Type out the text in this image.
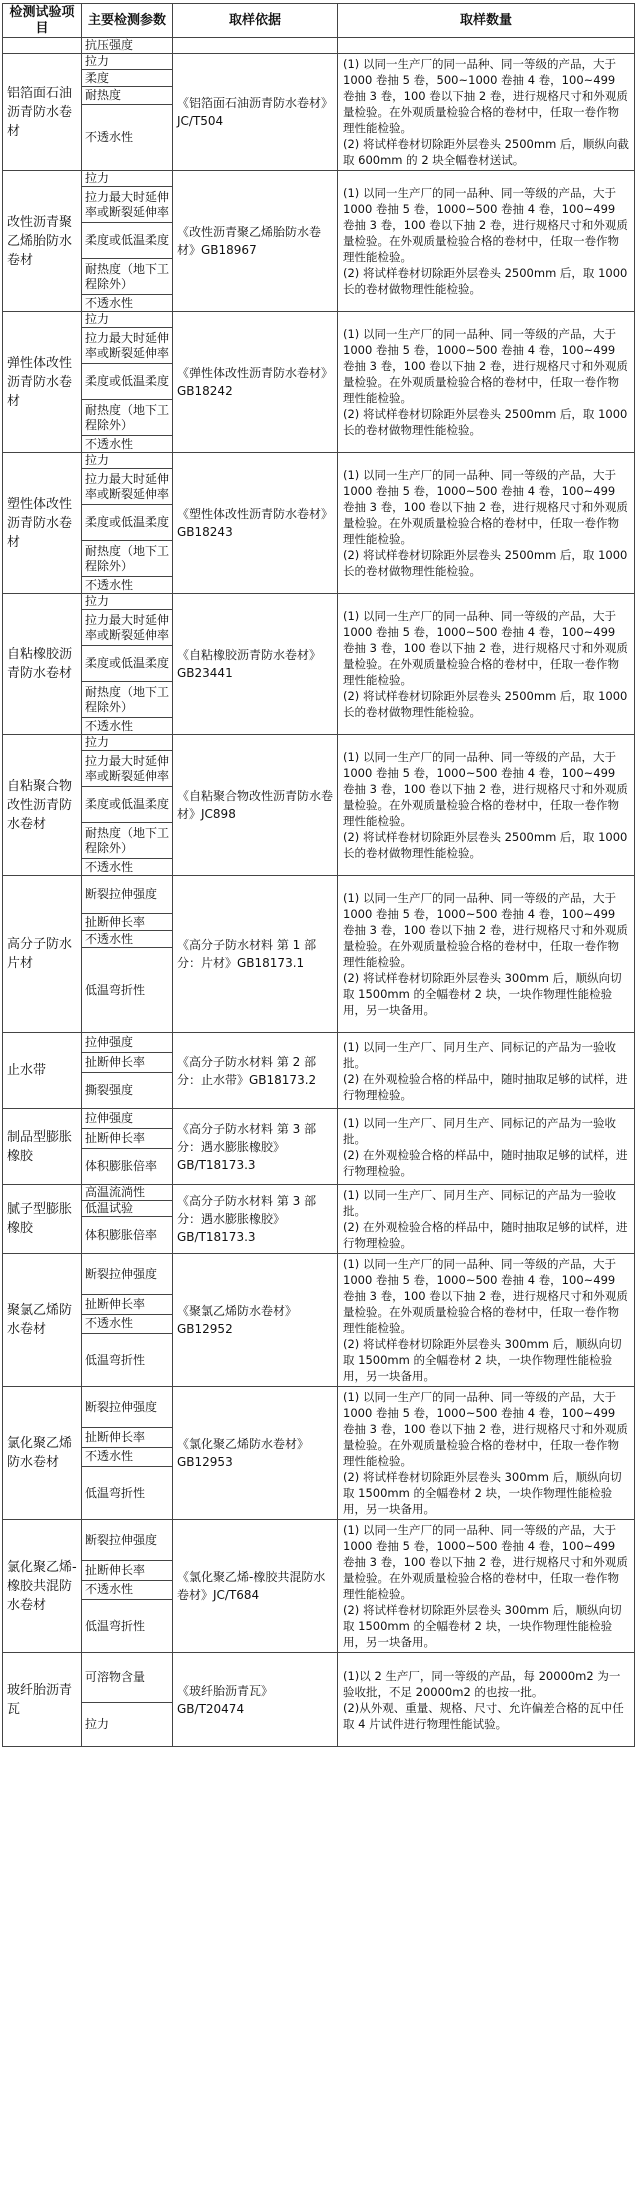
检测试验项目	主要检测参数	取样依据	取样数量
	抗压强度		
铝箔面石油沥青防水卷材	拉力	《铝箔面石油沥青防水卷材》JC/T504	(1) 以同一生产厂的同一品种、同一等级的产品，大于 1000 卷抽 5 卷，500~1000 卷抽 4 卷，100~499 卷抽 3 卷，100 卷以下抽 2 卷，进行规格尺寸和外观质量检验。在外观质量检验合格的卷材中，任取一卷作物理性能检验。

(2) 将试样卷材切除距外层卷头 2500mm 后，顺纵向截取 600mm 的 2 块全幅卷材送试。

	柔度		
	耐热度		
	不透水性		
改性沥青聚乙烯胎防水卷材	拉力	《改性沥青聚乙烯胎防水卷材》GB18967	(1) 以同一生产厂的同一品种、同一等级的产品，大于 1000 卷抽 5 卷，1000~500 卷抽 4 卷，100~499 卷抽 3 卷，100 卷以下抽 2 卷，进行规格尺寸和外观质量检验。在外观质量检验合格的卷材中，任取一卷作物理性能检验。

(2) 将试样卷材切除距外层卷头 2500mm 后，取 1000 长的卷材做物理性能检验。

	拉力最大时延伸率或断裂延伸率		
	柔度或低温柔度		
	耐热度（地下工程除外）		
	不透水性		
弹性体改性沥青防水卷材	拉力	《弹性体改性沥青防水卷材》GB18242	(1) 以同一生产厂的同一品种、同一等级的产品，大于 1000 卷抽 5 卷，1000~500 卷抽 4 卷，100~499 卷抽 3 卷，100 卷以下抽 2 卷，进行规格尺寸和外观质量检验。在外观质量检验合格的卷材中，任取一卷作物理性能检验。

(2) 将试样卷材切除距外层卷头 2500mm 后，取 1000 长的卷材做物理性能检验。

	拉力最大时延伸率或断裂延伸率		
	柔度或低温柔度		
	耐热度（地下工程除外）		
	不透水性		
塑性体改性沥青防水卷材	拉力	《塑性体改性沥青防水卷材》GB18243	(1) 以同一生产厂的同一品种、同一等级的产品，大于 1000 卷抽 5 卷，1000~500 卷抽 4 卷，100~499 卷抽 3 卷，100 卷以下抽 2 卷，进行规格尺寸和外观质量检验。在外观质量检验合格的卷材中，任取一卷作物理性能检验。

(2) 将试样卷材切除距外层卷头 2500mm 后，取 1000 长的卷材做物理性能检验。

	拉力最大时延伸率或断裂延伸率		
	柔度或低温柔度		
	耐热度（地下工程除外）		
	不透水性		
自粘橡胶沥青防水卷材	拉力	《自粘橡胶沥青防水卷材》GB23441	(1) 以同一生产厂的同一品种、同一等级的产品，大于 1000 卷抽 5 卷，1000~500 卷抽 4 卷，100~499 卷抽 3 卷，100 卷以下抽 2 卷，进行规格尺寸和外观质量检验。在外观质量检验合格的卷材中，任取一卷作物理性能检验。

(2) 将试样卷材切除距外层卷头 2500mm 后，取 1000 长的卷材做物理性能检验。

	拉力最大时延伸率或断裂延伸率		
	柔度或低温柔度		
	耐热度（地下工程除外）		
	不透水性		
自粘聚合物改性沥青防水卷材	拉力	《自粘聚合物改性沥青防水卷材》JC898	(1) 以同一生产厂的同一品种、同一等级的产品，大于 1000 卷抽 5 卷，1000~500 卷抽 4 卷，100~499 卷抽 3 卷，100 卷以下抽 2 卷，进行规格尺寸和外观质量检验。在外观质量检验合格的卷材中，任取一卷作物理性能检验。

(2) 将试样卷材切除距外层卷头 2500mm 后，取 1000 长的卷材做物理性能检验。

	拉力最大时延伸率或断裂延伸率		
	柔度或低温柔度		
	耐热度（地下工程除外）		
	不透水性		
高分子防水片材	断裂拉伸强度	《高分子防水材料 第 1 部分：片材》GB18173.1	(1) 以同一生产厂的同一品种、同一等级的产品，大于 1000 卷抽 5 卷，1000~500 卷抽 4 卷，100~499 卷抽 3 卷，100 卷以下抽 2 卷，进行规格尺寸和外观质量检验。在外观质量检验合格的卷材中，任取一卷作物理性能检验。

(2) 将试样卷材切除距外层卷头 300mm 后，顺纵向切取 1500mm 的全幅卷材 2 块，一块作物理性能检验用，另一块备用。

	扯断伸长率		
	不透水性		
	低温弯折性		
止水带	拉伸强度	《高分子防水材料 第 2 部分：止水带》GB18173.2	(1) 以同一生产厂、同月生产、同标记的产品为一验收批。

(2) 在外观检验合格的样品中，随时抽取足够的试样，进行物理检验。

	扯断伸长率		
	撕裂强度		
制品型膨胀橡胶	拉伸强度	《高分子防水材料 第 3 部分：遇水膨胀橡胶》GB/T18173.3	(1) 以同一生产厂、同月生产、同标记的产品为一验收批。

(2) 在外观检验合格的样品中，随时抽取足够的试样，进行物理检验。

	扯断伸长率		
	体积膨胀倍率		
腻子型膨胀橡胶	高温流淌性	《高分子防水材料 第 3 部分：遇水膨胀橡胶》GB/T18173.3	(1) 以同一生产厂、同月生产、同标记的产品为一验收批。

(2) 在外观检验合格的样品中，随时抽取足够的试样，进行物理检验。

	低温试验		
	体积膨胀倍率		
聚氯乙烯防水卷材	断裂拉伸强度	《聚氯乙烯防水卷材》GB12952	(1) 以同一生产厂的同一品种、同一等级的产品，大于 1000 卷抽 5 卷，1000~500 卷抽 4 卷，100~499 卷抽 3 卷，100 卷以下抽 2 卷，进行规格尺寸和外观质量检验。在外观质量检验合格的卷材中，任取一卷作物理性能检验。

(2) 将试样卷材切除距外层卷头 300mm 后，顺纵向切取 1500mm 的全幅卷材 2 块，一块作物理性能检验用，另一块备用。

	扯断伸长率		
	不透水性		
	低温弯折性		
氯化聚乙烯防水卷材	断裂拉伸强度	《氯化聚乙烯防水卷材》GB12953	(1) 以同一生产厂的同一品种、同一等级的产品，大于 1000 卷抽 5 卷，1000~500 卷抽 4 卷，100~499 卷抽 3 卷，100 卷以下抽 2 卷，进行规格尺寸和外观质量检验。在外观质量检验合格的卷材中，任取一卷作物理性能检验。

(2) 将试样卷材切除距外层卷头 300mm 后，顺纵向切取 1500mm 的全幅卷材 2 块，一块作物理性能检验用，另一块备用。

	扯断伸长率		
	不透水性		
	低温弯折性		
氯化聚乙烯-橡胶共混防水卷材	断裂拉伸强度	《氯化聚乙烯-橡胶共混防水卷材》JC/T684	(1) 以同一生产厂的同一品种、同一等级的产品，大于 1000 卷抽 5 卷，1000~500 卷抽 4 卷，100~499 卷抽 3 卷，100 卷以下抽 2 卷，进行规格尺寸和外观质量检验。在外观质量检验合格的卷材中，任取一卷作物理性能检验。

(2) 将试样卷材切除距外层卷头 300mm 后，顺纵向切取 1500mm 的全幅卷材 2 块，一块作物理性能检验用，另一块备用。

	扯断伸长率		
	不透水性		
	低温弯折性		
玻纤胎沥青瓦	可溶物含量	《玻纤胎沥青瓦》GB/T20474	(1)以 2 生产厂，同一等级的产品，每 20000m2 为一验收批，不足 20000m2 的也按一批。

(2)从外观、重量、规格、尺寸、允许偏差合格的瓦中任取 4 片试件进行物理性能试验。

	拉力		
